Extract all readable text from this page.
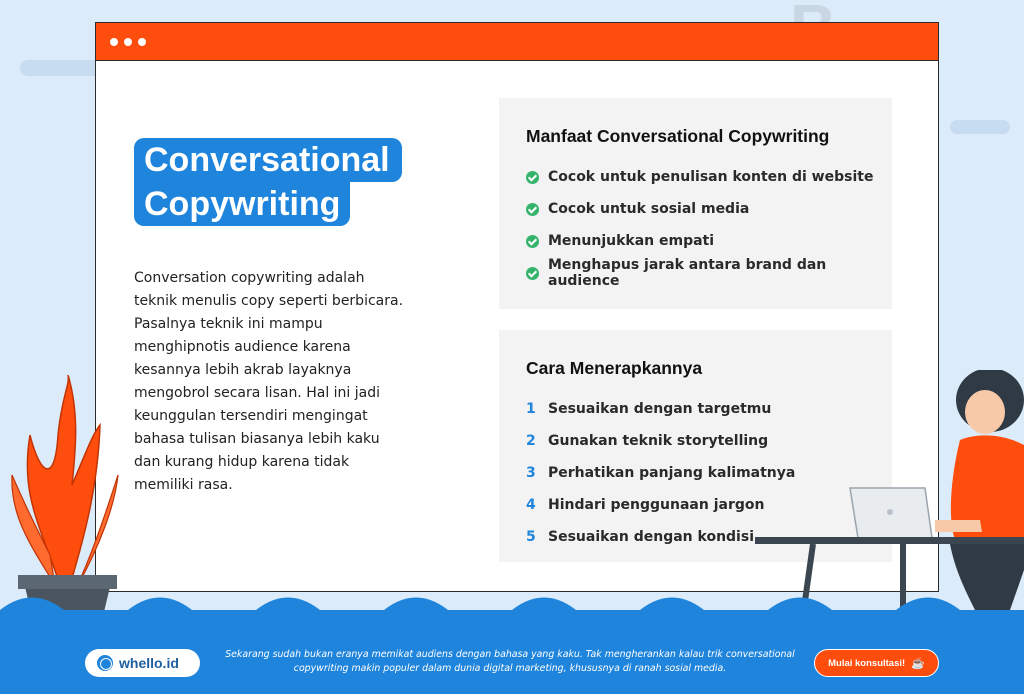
Conversational
Copywriting

Conversation copywriting adalah teknik menulis copy seperti berbicara. Pasalnya teknik ini mampu menghipnotis audience karena kesannya lebih akrab layaknya mengobrol secara lisan. Hal ini jadi keunggulan tersendiri mengingat bahasa tulisan biasanya lebih kaku dan kurang hidup karena tidak memiliki rasa.

Manfaat Conversational Copywriting
Cocok untuk penulisan konten di website
Cocok untuk sosial media
Menunjukkan empati
Menghapus jarak antara brand dan audience
Cara Menerapkannya
1 Sesuaikan dengan targetmu
2 Gunakan teknik storytelling
3 Perhatikan panjang kalimatnya
4 Hindari penggunaan jargon
5 Sesuaikan dengan kondisi
whello.id

Sekarang sudah bukan eranya memikat audiens dengan bahasa yang kaku. Tak mengherankan kalau trik conversational copywriting makin populer dalam dunia digital marketing, khususnya di ranah sosial media.	Mulai konsultasi! ☕
